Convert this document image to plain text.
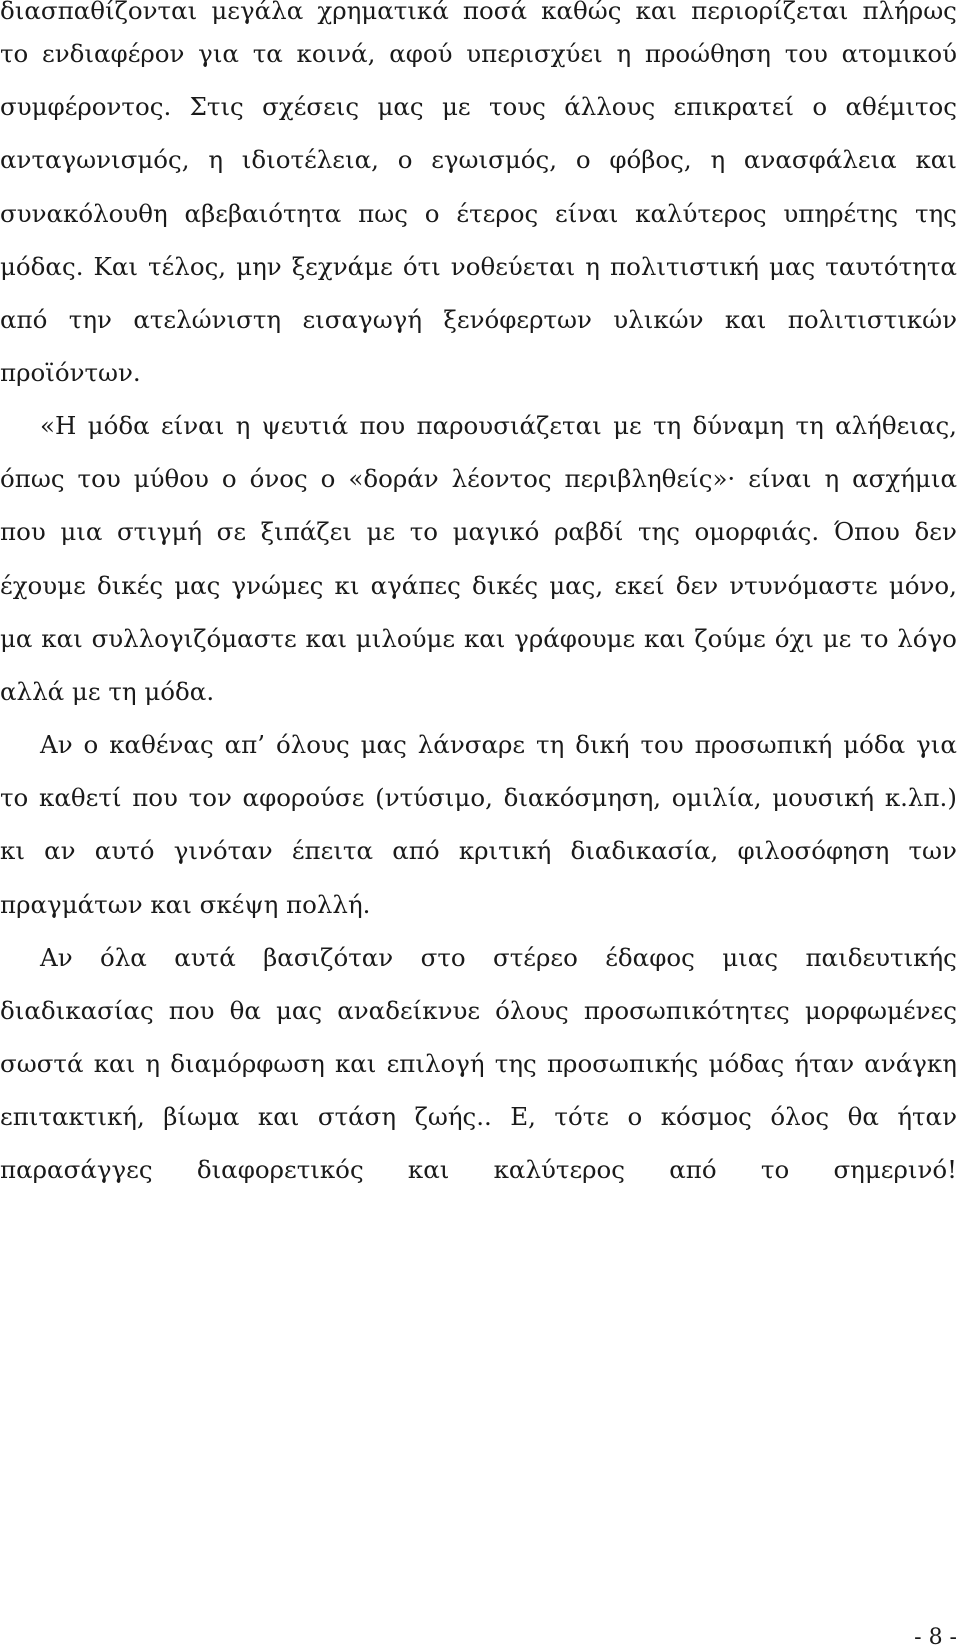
διασπαθίζονται μεγάλα χρηματικά ποσά καθώς και περιορίζεται πλήρως

το ενδιαφέρον για τα κοινά, αφού υπερισχύει η προώθηση του ατομικού

συμφέροντος. Στις σχέσεις μας με τους άλλους επικρατεί ο αθέμιτος

ανταγωνισμός, η ιδιοτέλεια, ο εγωισμός, ο φόβος, η ανασφάλεια και

συνακόλουθη αβεβαιότητα πως ο έτερος είναι καλύτερος υπηρέτης της

μόδας. Και τέλος, μην ξεχνάμε ότι νοθεύεται η πολιτιστική μας ταυτότητα

από την ατελώνιστη εισαγωγή ξενόφερτων υλικών και πολιτιστικών

προϊόντων.

«Η μόδα είναι η ψευτιά που παρουσιάζεται με τη δύναμη τη αλήθειας,

όπως του μύθου ο όνος ο «δοράν λέοντος περιβληθείς»· είναι η ασχήμια

που μια στιγμή σε ξιπάζει με το μαγικό ραβδί της ομορφιάς. Όπου δεν

έχουμε δικές μας γνώμες κι αγάπες δικές μας, εκεί δεν ντυνόμαστε μόνο,

μα και συλλογιζόμαστε και μιλούμε και γράφουμε και ζούμε όχι με το λόγο

αλλά με τη μόδα.

Αν ο καθένας απ’ όλους μας λάνσαρε τη δική του προσωπική μόδα για

το καθετί που τον αφορούσε (ντύσιμο, διακόσμηση, ομιλία, μουσική κ.λπ.)

κι αν αυτό γινόταν έπειτα από κριτική διαδικασία, φιλοσόφηση των

πραγμάτων και σκέψη πολλή.

Αν όλα αυτά βασιζόταν στο στέρεο έδαφος μιας παιδευτικής

διαδικασίας που θα μας αναδείκνυε όλους προσωπικότητες μορφωμένες

σωστά και η διαμόρφωση και επιλογή της προσωπικής μόδας ήταν ανάγκη

επιτακτική, βίωμα και στάση ζωής.. Ε, τότε ο κόσμος όλος θα ήταν

παρασάγγες διαφορετικός και καλύτερος από το σημερινό!

- 8 -
